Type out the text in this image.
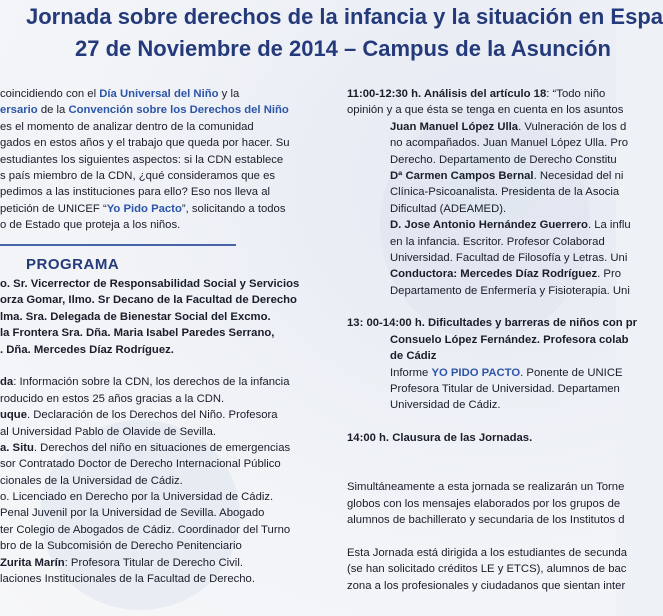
Jornada sobre derechos de la infancia y la situación en Espa
27 de Noviembre de 2014 – Campus de la Asunción
coincidiendo con el Día Universal del Niño y la
ersario de la Convención sobre los Derechos del Niño
es el momento de analizar dentro de la comunidad
gados en estos años y el trabajo que queda por hacer. Su
estudiantes los siguientes aspectos: si la CDN establece
s país miembro de la CDN, ¿qué consideramos que es
pedimos a las instituciones para ello? Eso nos lleva al
petición de UNICEF “Yo Pido Pacto”, solicitando a todos
o de Estado que proteja a los niños.
PROGRAMA
o. Sr. Vicerrector de Responsabilidad Social y Servicios
orza Gomar, Ilmo. Sr Decano de la Facultad de Derecho
lma. Sra. Delegada de Bienestar Social del Excmo.
la Frontera Sra. Dña. Maria Isabel Paredes Serrano,
. Dña. Mercedes Díaz Rodríguez.
da: Información sobre la CDN, los derechos de la infancia
roducido en estos 25 años gracias a la CDN.
uque. Declaración de los Derechos del Niño. Profesora
al Universidad Pablo de Olavide de Sevilla.
a. Situ. Derechos del niño en situaciones de emergencias
sor Contratado Doctor de Derecho Internacional Público
cionales de la Universidad de Cádiz.
o. Licenciado en Derecho por la Universidad de Cádiz.
Penal Juvenil por la Universidad de Sevilla. Abogado
ter Colegio de Abogados de Cádiz. Coordinador del Turno
bro de la Subcomisión de Derecho Penitenciario
Zurita Marín: Profesora Titular de Derecho Civil.
laciones Institucionales de la Facultad de Derecho.
11:00-12:30 h. Análisis del artículo 18: “Todo niño
opinión y a que ésta se tenga en cuenta en los asuntos
Juan Manuel López Ulla. Vulneración de los d
no acompañados. Juan Manuel López Ulla. Pro
Derecho. Departamento de Derecho Constitu
Dª Carmen Campos Bernal. Necesidad del ni
Clínica-Psicoanalista. Presidenta de la Asocia
Dificultad (ADEAMED).
D. Jose Antonio Hernández Guerrero. La influ
en la infancia. Escritor. Profesor Colaborad
Universidad. Facultad de Filosofía y Letras. Uni
Conductora: Mercedes Díaz Rodríguez. Pro
Departamento de Enfermería y Fisioterapia. Uni
13: 00-14:00 h. Dificultades y barreras de niños con pr
Consuelo López Fernández. Profesora colab
de Cádiz
Informe YO PIDO PACTO. Ponente de UNICE
Profesora Titular de Universidad. Departamen
Universidad de Cádiz.
14:00 h. Clausura de las Jornadas.
Simultáneamente a esta jornada se realizarán un Torne
globos con los mensajes elaborados por los grupos de
alumnos de bachillerato y secundaria de los Institutos d
Esta Jornada está dirigida a los estudiantes de secunda
(se han solicitado créditos LE y ETCS), alumnos de bac
zona a los profesionales y ciudadanos que sientan inter
